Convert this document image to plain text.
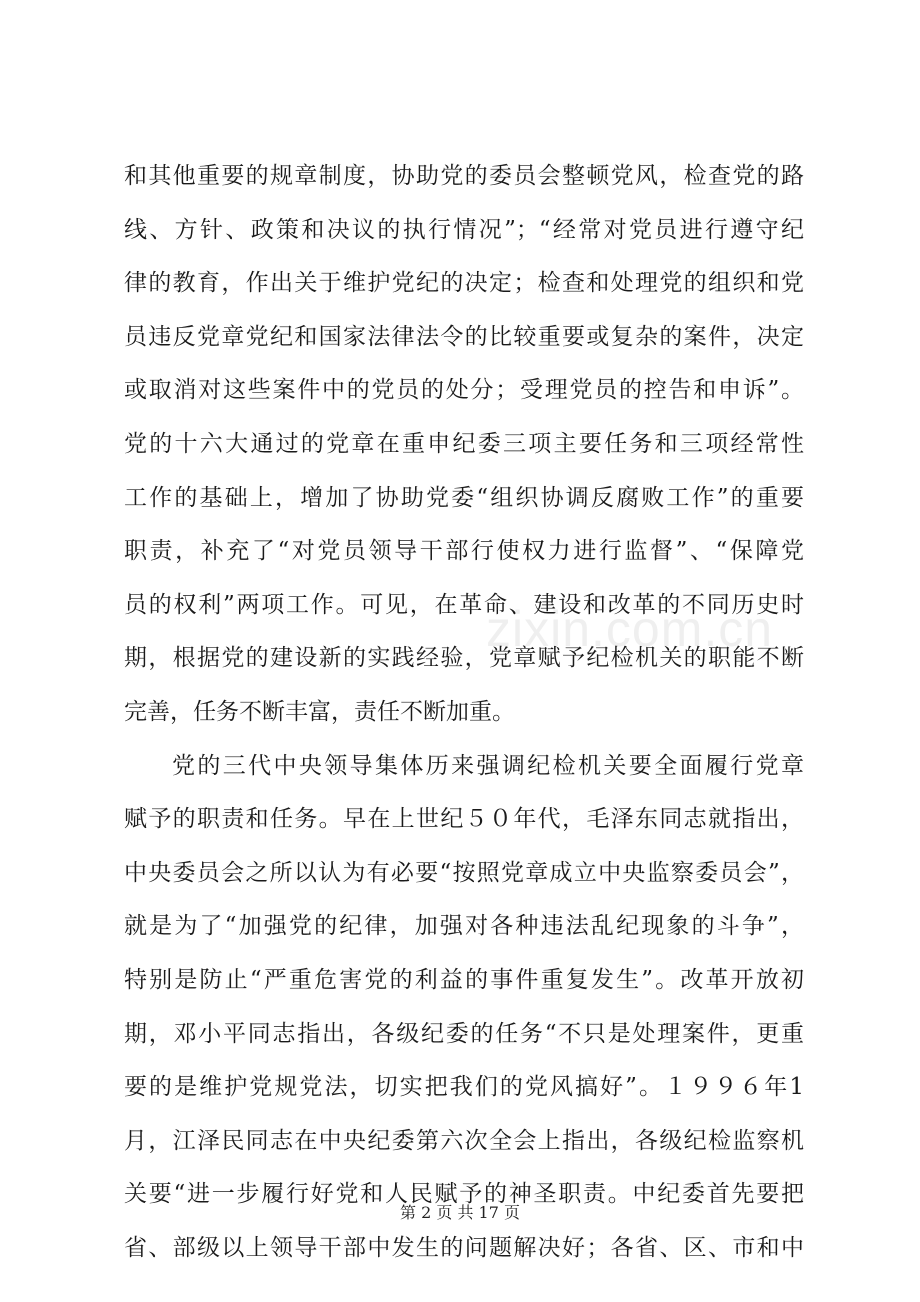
和其他重要的规章制度，协助党的委员会整顿党风，检查党的路
线、方针、政策和决议的执行情况”；“经常对党员进行遵守纪
律的教育，作出关于维护党纪的决定；检查和处理党的组织和党
员违反党章党纪和国家法律法令的比较重要或复杂的案件，决定
或取消对这些案件中的党员的处分；受理党员的控告和申诉”。
党的十六大通过的党章在重申纪委三项主要任务和三项经常性
工作的基础上，增加了协助党委“组织协调反腐败工作”的重要
职责，补充了“对党员领导干部行使权力进行监督”、“保障党
员的权利”两项工作。可见，在革命、建设和改革的不同历史时
期，根据党的建设新的实践经验，党章赋予纪检机关的职能不断
完善，任务不断丰富，责任不断加重。
党的三代中央领导集体历来强调纪检机关要全面履行党章
赋予的职责和任务。早在上世纪５０年代，毛泽东同志就指出，
中央委员会之所以认为有必要“按照党章成立中央监察委员会”，
就是为了“加强党的纪律，加强对各种违法乱纪现象的斗争”，
特别是防止“严重危害党的利益的事件重复发生”。改革开放初
期，邓小平同志指出，各级纪委的任务“不只是处理案件，更重
要的是维护党规党法，切实把我们的党风搞好”。１９９６年1
月，江泽民同志在中央纪委第六次全会上指出，各级纪检监察机
关要“进一步履行好党和人民赋予的神圣职责。中纪委首先要把
省、部级以上领导干部中发生的问题解决好；各省、区、市和中
zixin.com.cn
第 2 页 共 17 页
